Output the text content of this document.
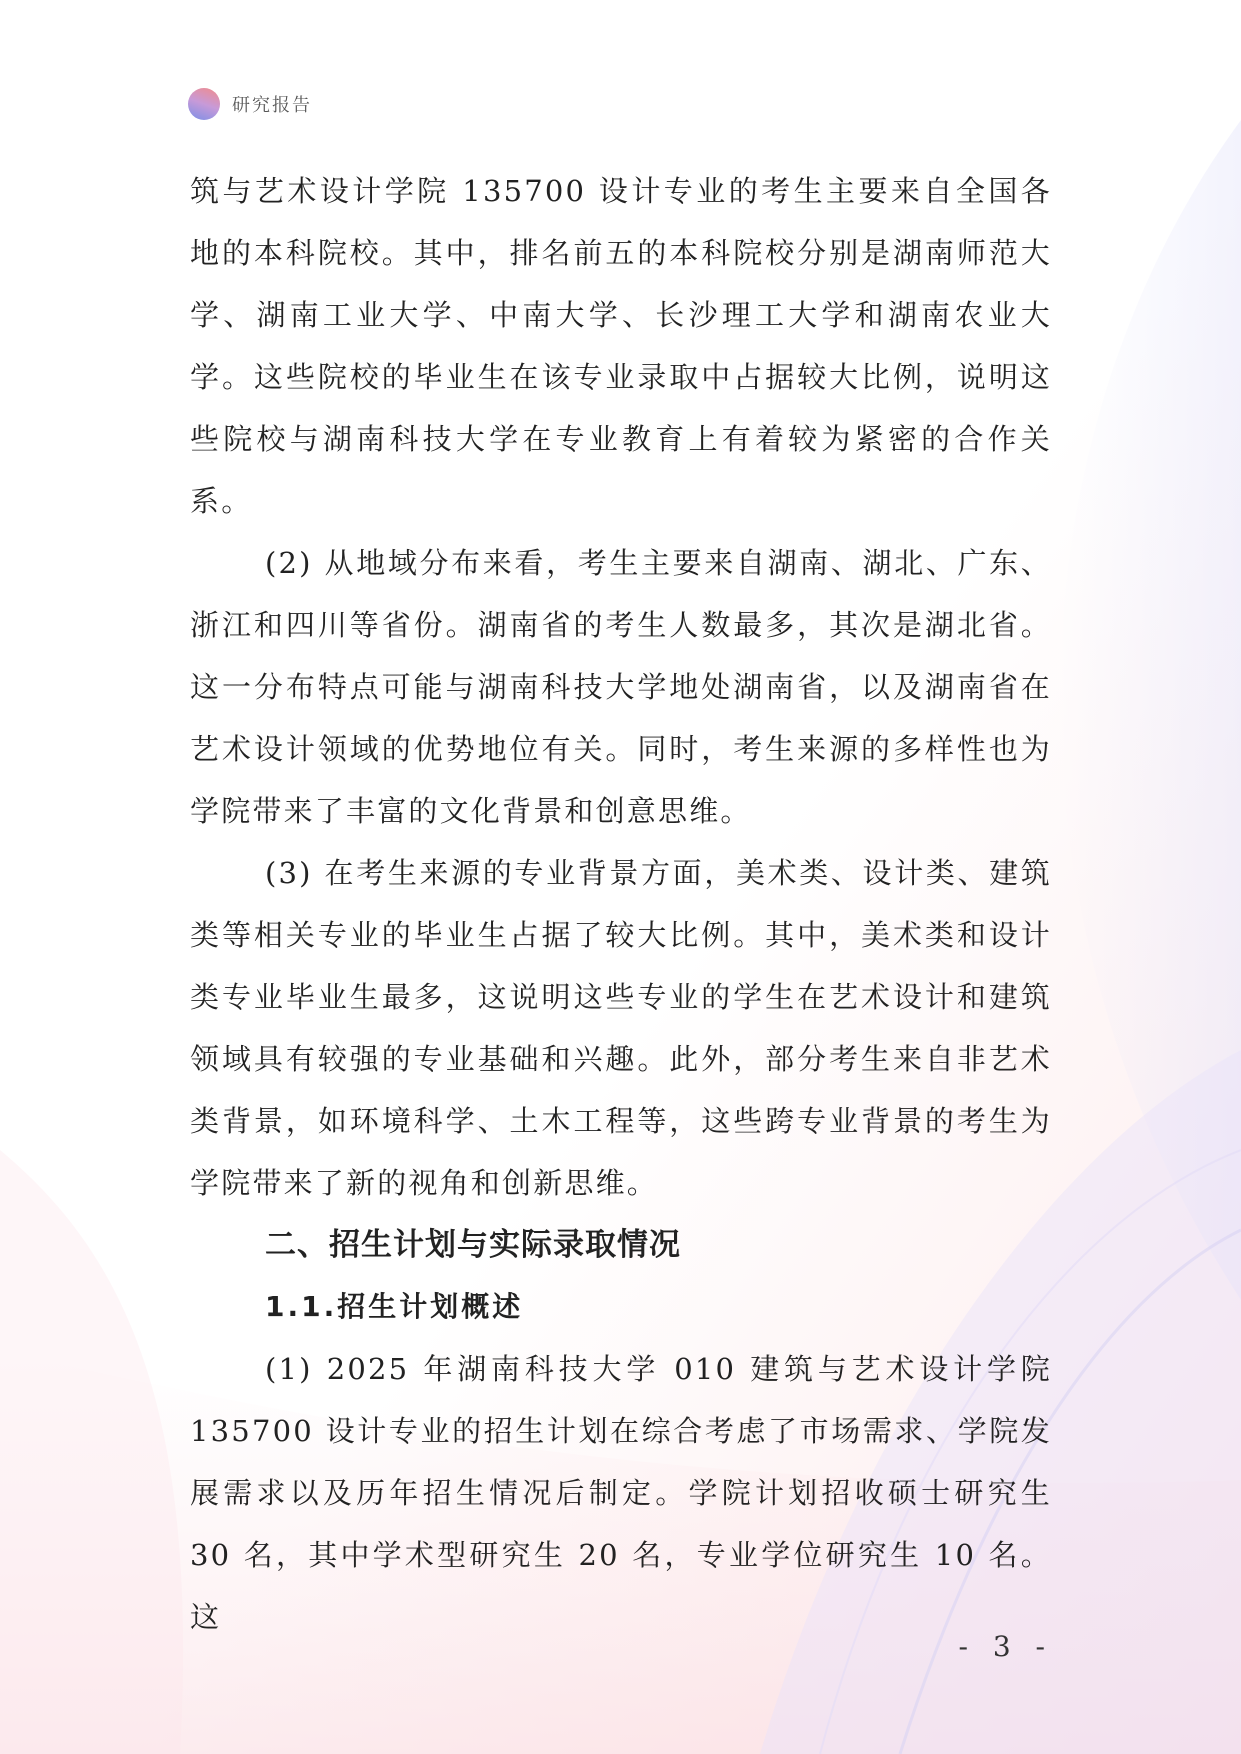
研究报告

筑与艺术设计学院 135700 设计专业的考生主要来自全国各地的本科院校。其中，排名前五的本科院校分别是湖南师范大学、湖南工业大学、中南大学、长沙理工大学和湖南农业大学。这些院校的毕业生在该专业录取中占据较大比例，说明这些院校与湖南科技大学在专业教育上有着较为紧密的合作关系。

(2) 从地域分布来看，考生主要来自湖南、湖北、广东、浙江和四川等省份。湖南省的考生人数最多，其次是湖北省。这一分布特点可能与湖南科技大学地处湖南省，以及湖南省在艺术设计领域的优势地位有关。同时，考生来源的多样性也为学院带来了丰富的文化背景和创意思维。

(3) 在考生来源的专业背景方面，美术类、设计类、建筑类等相关专业的毕业生占据了较大比例。其中，美术类和设计类专业毕业生最多，这说明这些专业的学生在艺术设计和建筑领域具有较强的专业基础和兴趣。此外，部分考生来自非艺术类背景，如环境科学、土木工程等，这些跨专业背景的考生为学院带来了新的视角和创新思维。

二、招生计划与实际录取情况
1.1.招生计划概述

(1) 2025 年湖南科技大学 010 建筑与艺术设计学院 135700 设计专业的招生计划在综合考虑了市场需求、学院发展需求以及历年招生情况后制定。学院计划招收硕士研究生 30 名，其中学术型研究生 20 名，专业学位研究生 10 名。这

- 3 -
